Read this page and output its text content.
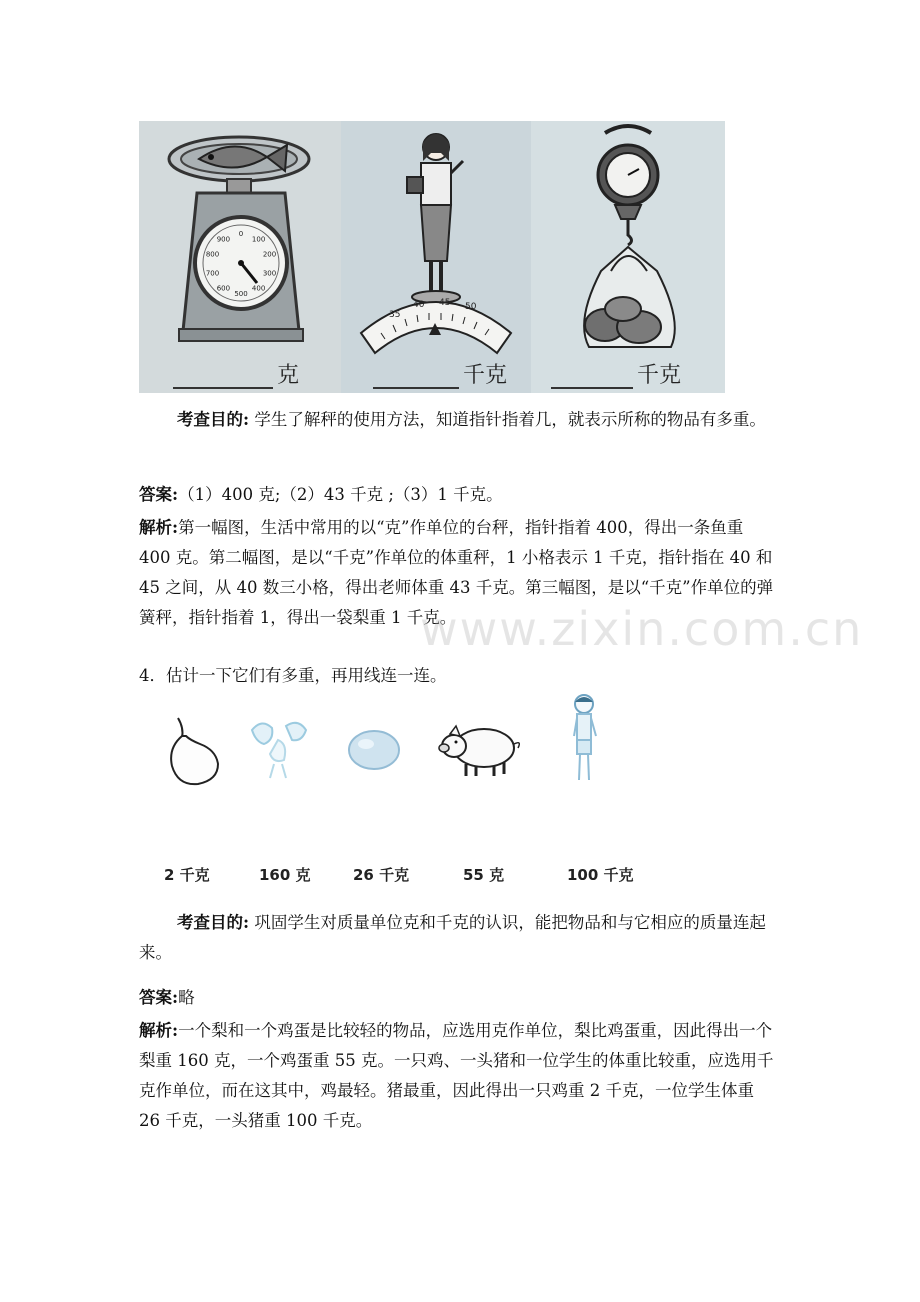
0
100
200
300
400
500
600
700
800
900
克
35
40 45 50
千克	千克
考查目的: 学生了解秤的使用方法，知道指针指着几，就表示所称的物品有多重。
答案:（1）400 克;（2）43 千克 ;（3）1 千克。
解析:第一幅图，生活中常用的以“克”作单位的台秤，指针指着 400，得出一条鱼重 400 克。第二幅图，是以“千克”作单位的体重秤，1 小格表示 1 千克，指针指在 40 和 45 之间，从 40 数三小格，得出老师体重 43 千克。第三幅图，是以“千克”作单位的弹簧秤，指针指着 1，得出一袋梨重 1 千克。
www.zixin.com.cn
4．估计一下它们有多重，再用线连一连。
2 千克	160 克	26 千克	55 克	100 千克
考查目的: 巩固学生对质量单位克和千克的认识，能把物品和与它相应的质量连起来。
答案:略
解析:一个梨和一个鸡蛋是比较轻的物品，应选用克作单位，梨比鸡蛋重，因此得出一个梨重 160 克，一个鸡蛋重 55 克。一只鸡、一头猪和一位学生的体重比较重，应选用千克作单位，而在这其中，鸡最轻。猪最重，因此得出一只鸡重 2 千克，一位学生体重 26 千克，一头猪重 100 千克。
